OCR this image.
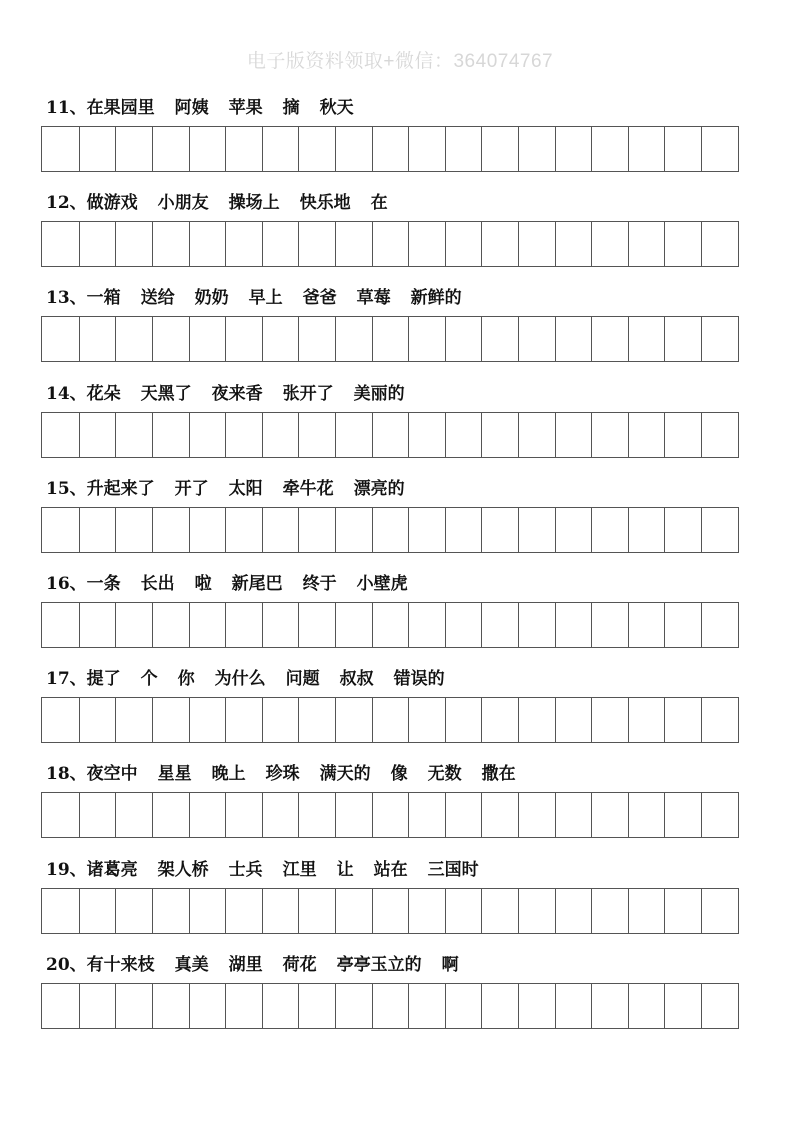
电子版资料领取+微信：364074767
11、在果园里 阿姨 苹果 摘 秋天
12、做游戏 小朋友 操场上 快乐地 在
13、一箱 送给 奶奶 早上 爸爸 草莓 新鲜的
14、花朵 天黑了 夜来香 张开了 美丽的
15、升起来了 开了 太阳 牵牛花 漂亮的
16、一条 长出 啦 新尾巴 终于 小壁虎
17、提了 个 你 为什么 问题 叔叔 错误的
18、夜空中 星星 晚上 珍珠 满天的 像 无数 撒在
19、诸葛亮 架人桥 士兵 江里 让 站在 三国时
20、有十来枝 真美 湖里 荷花 亭亭玉立的 啊
